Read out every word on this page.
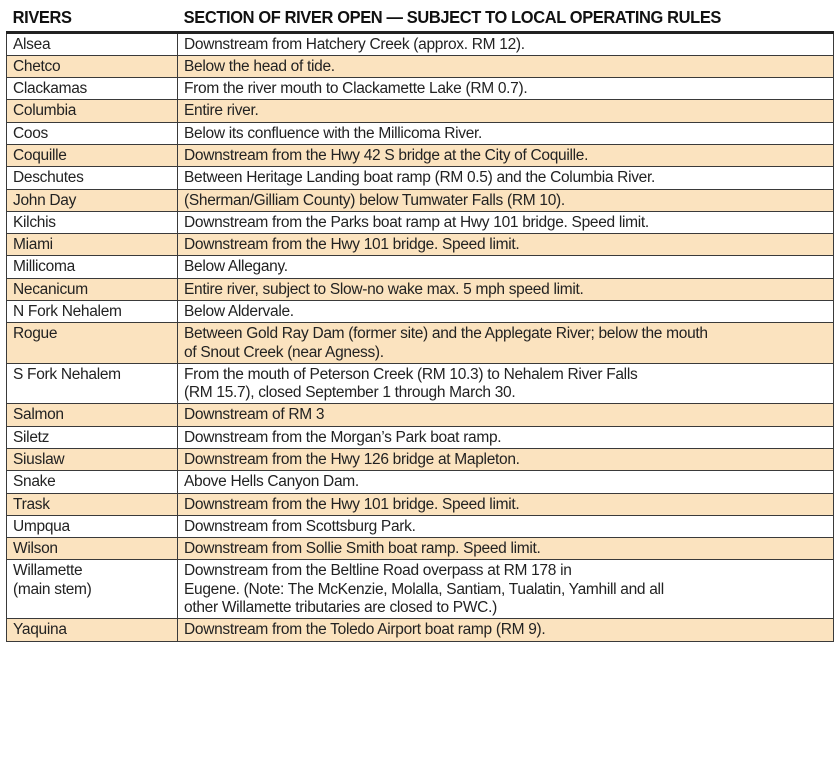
RIVERS	SECTION OF RIVER OPEN — SUBJECT TO LOCAL OPERATING RULES

Alsea	Downstream from Hatchery Creek (approx. RM 12).

Chetco	Below the head of tide.

Clackamas	From the river mouth to Clackamette Lake (RM 0.7).

Columbia	Entire river.

Coos	Below its confluence with the Millicoma River.

Coquille	Downstream from the Hwy 42 S bridge at the City of Coquille.

Deschutes	Between Heritage Landing boat ramp (RM 0.5) and the Columbia River.

John Day	(Sherman/Gilliam County) below Tumwater Falls (RM 10).

Kilchis	Downstream from the Parks boat ramp at Hwy 101 bridge. Speed limit.

Miami	Downstream from the Hwy 101 bridge. Speed limit.

Millicoma	Below Allegany.

Necanicum	Entire river, subject to Slow-no wake max. 5 mph speed limit.

N Fork Nehalem	Below Aldervale.

Rogue	Between Gold Ray Dam (former site) and the Applegate River; below the mouth
of Snout Creek (near Agness).

S Fork Nehalem	From the mouth of Peterson Creek (RM 10.3) to Nehalem River Falls
(RM 15.7), closed September 1 through March 30.

Salmon	Downstream of RM 3

Siletz	Downstream from the Morgan’s Park boat ramp.

Siuslaw	Downstream from the Hwy 126 bridge at Mapleton.

Snake	Above Hells Canyon Dam.

Trask	Downstream from the Hwy 101 bridge. Speed limit.

Umpqua	Downstream from Scottsburg Park.

Wilson	Downstream from Sollie Smith boat ramp. Speed limit.

Willamette
(main stem)	Downstream from the Beltline Road overpass at RM 178 in
Eugene. (Note: The McKenzie, Molalla, Santiam, Tualatin, Yamhill and all
other Willamette tributaries are closed to PWC.)

Yaquina	Downstream from the Toledo Airport boat ramp (RM 9).
